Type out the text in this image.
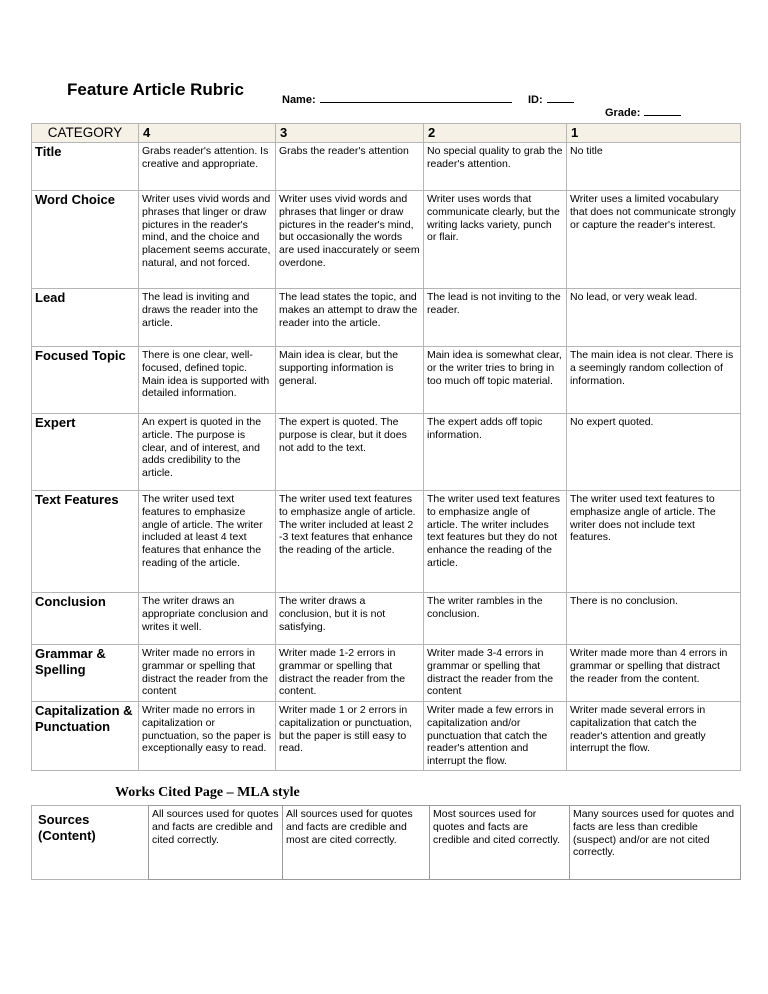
Feature Article Rubric
Name:	ID:
Grade:
CATEGORY	4	3	2	1
Title	Grabs reader's attention. Is creative and appropriate.	Grabs the reader's attention	No special quality to grab the reader's attention.	No title
Word Choice	Writer uses vivid words and phrases that linger or draw pictures in the reader's mind, and the choice and placement seems accurate, natural, and not forced.	Writer uses vivid words and phrases that linger or draw pictures in the reader's mind, but occasionally the words are used inaccurately or seem overdone.	Writer uses words that communicate clearly, but the writing lacks variety, punch or flair.	Writer uses a limited vocabulary that does not communicate strongly or capture the reader's interest.
Lead	The lead is inviting and draws the reader into the article.	The lead states the topic, and makes an attempt to draw the reader into the article.	The lead is not inviting to the reader.	No lead, or very weak lead.
Focused Topic	There is one clear, well-focused, defined topic. Main idea is supported with detailed information.	Main idea is clear, but the supporting information is general.	Main idea is somewhat clear, or the writer tries to bring in too much off topic material.	The main idea is not clear. There is a seemingly random collection of information.
Expert	An expert is quoted in the article. The purpose is clear, and of interest, and adds credibility to the article.	The expert is quoted. The purpose is clear, but it does not add to the text.	The expert adds off topic information.	No expert quoted.
Text Features	The writer used text features to emphasize angle of article. The writer included at least 4 text features that enhance the reading of the article.	The writer used text features to emphasize angle of article. The writer included at least 2 -3 text features that enhance the reading of the article.	The writer used text features to emphasize angle of article. The writer includes text features but they do not enhance the reading of the article.	The writer used text features to emphasize angle of article. The writer does not include text features.
Conclusion	The writer draws an appropriate conclusion and writes it well.	The writer draws a conclusion, but it is not satisfying.	The writer rambles in the conclusion.	There is no conclusion.
Grammar & Spelling	Writer made no errors in grammar or spelling that distract the reader from the content	Writer made 1-2 errors in grammar or spelling that distract the reader from the content.	Writer made 3-4 errors in grammar or spelling that distract the reader from the content	Writer made more than 4 errors in grammar or spelling that distract the reader from the content.
Capitalization & Punctuation	Writer made no errors in capitalization or punctuation, so the paper is exceptionally easy to read.	Writer made 1 or 2 errors in capitalization or punctuation, but the paper is still easy to read.	Writer made a few errors in capitalization and/or punctuation that catch the reader's attention and interrupt the flow.	Writer made several errors in capitalization that catch the reader's attention and greatly interrupt the flow.
Works Cited Page – MLA style
Sources (Content)	All sources used for quotes and facts are credible and cited correctly.	All sources used for quotes and facts are credible and most are cited correctly.	Most sources used for quotes and facts are credible and cited correctly.	Many sources used for quotes and facts are less than credible (suspect) and/or are not cited correctly.
